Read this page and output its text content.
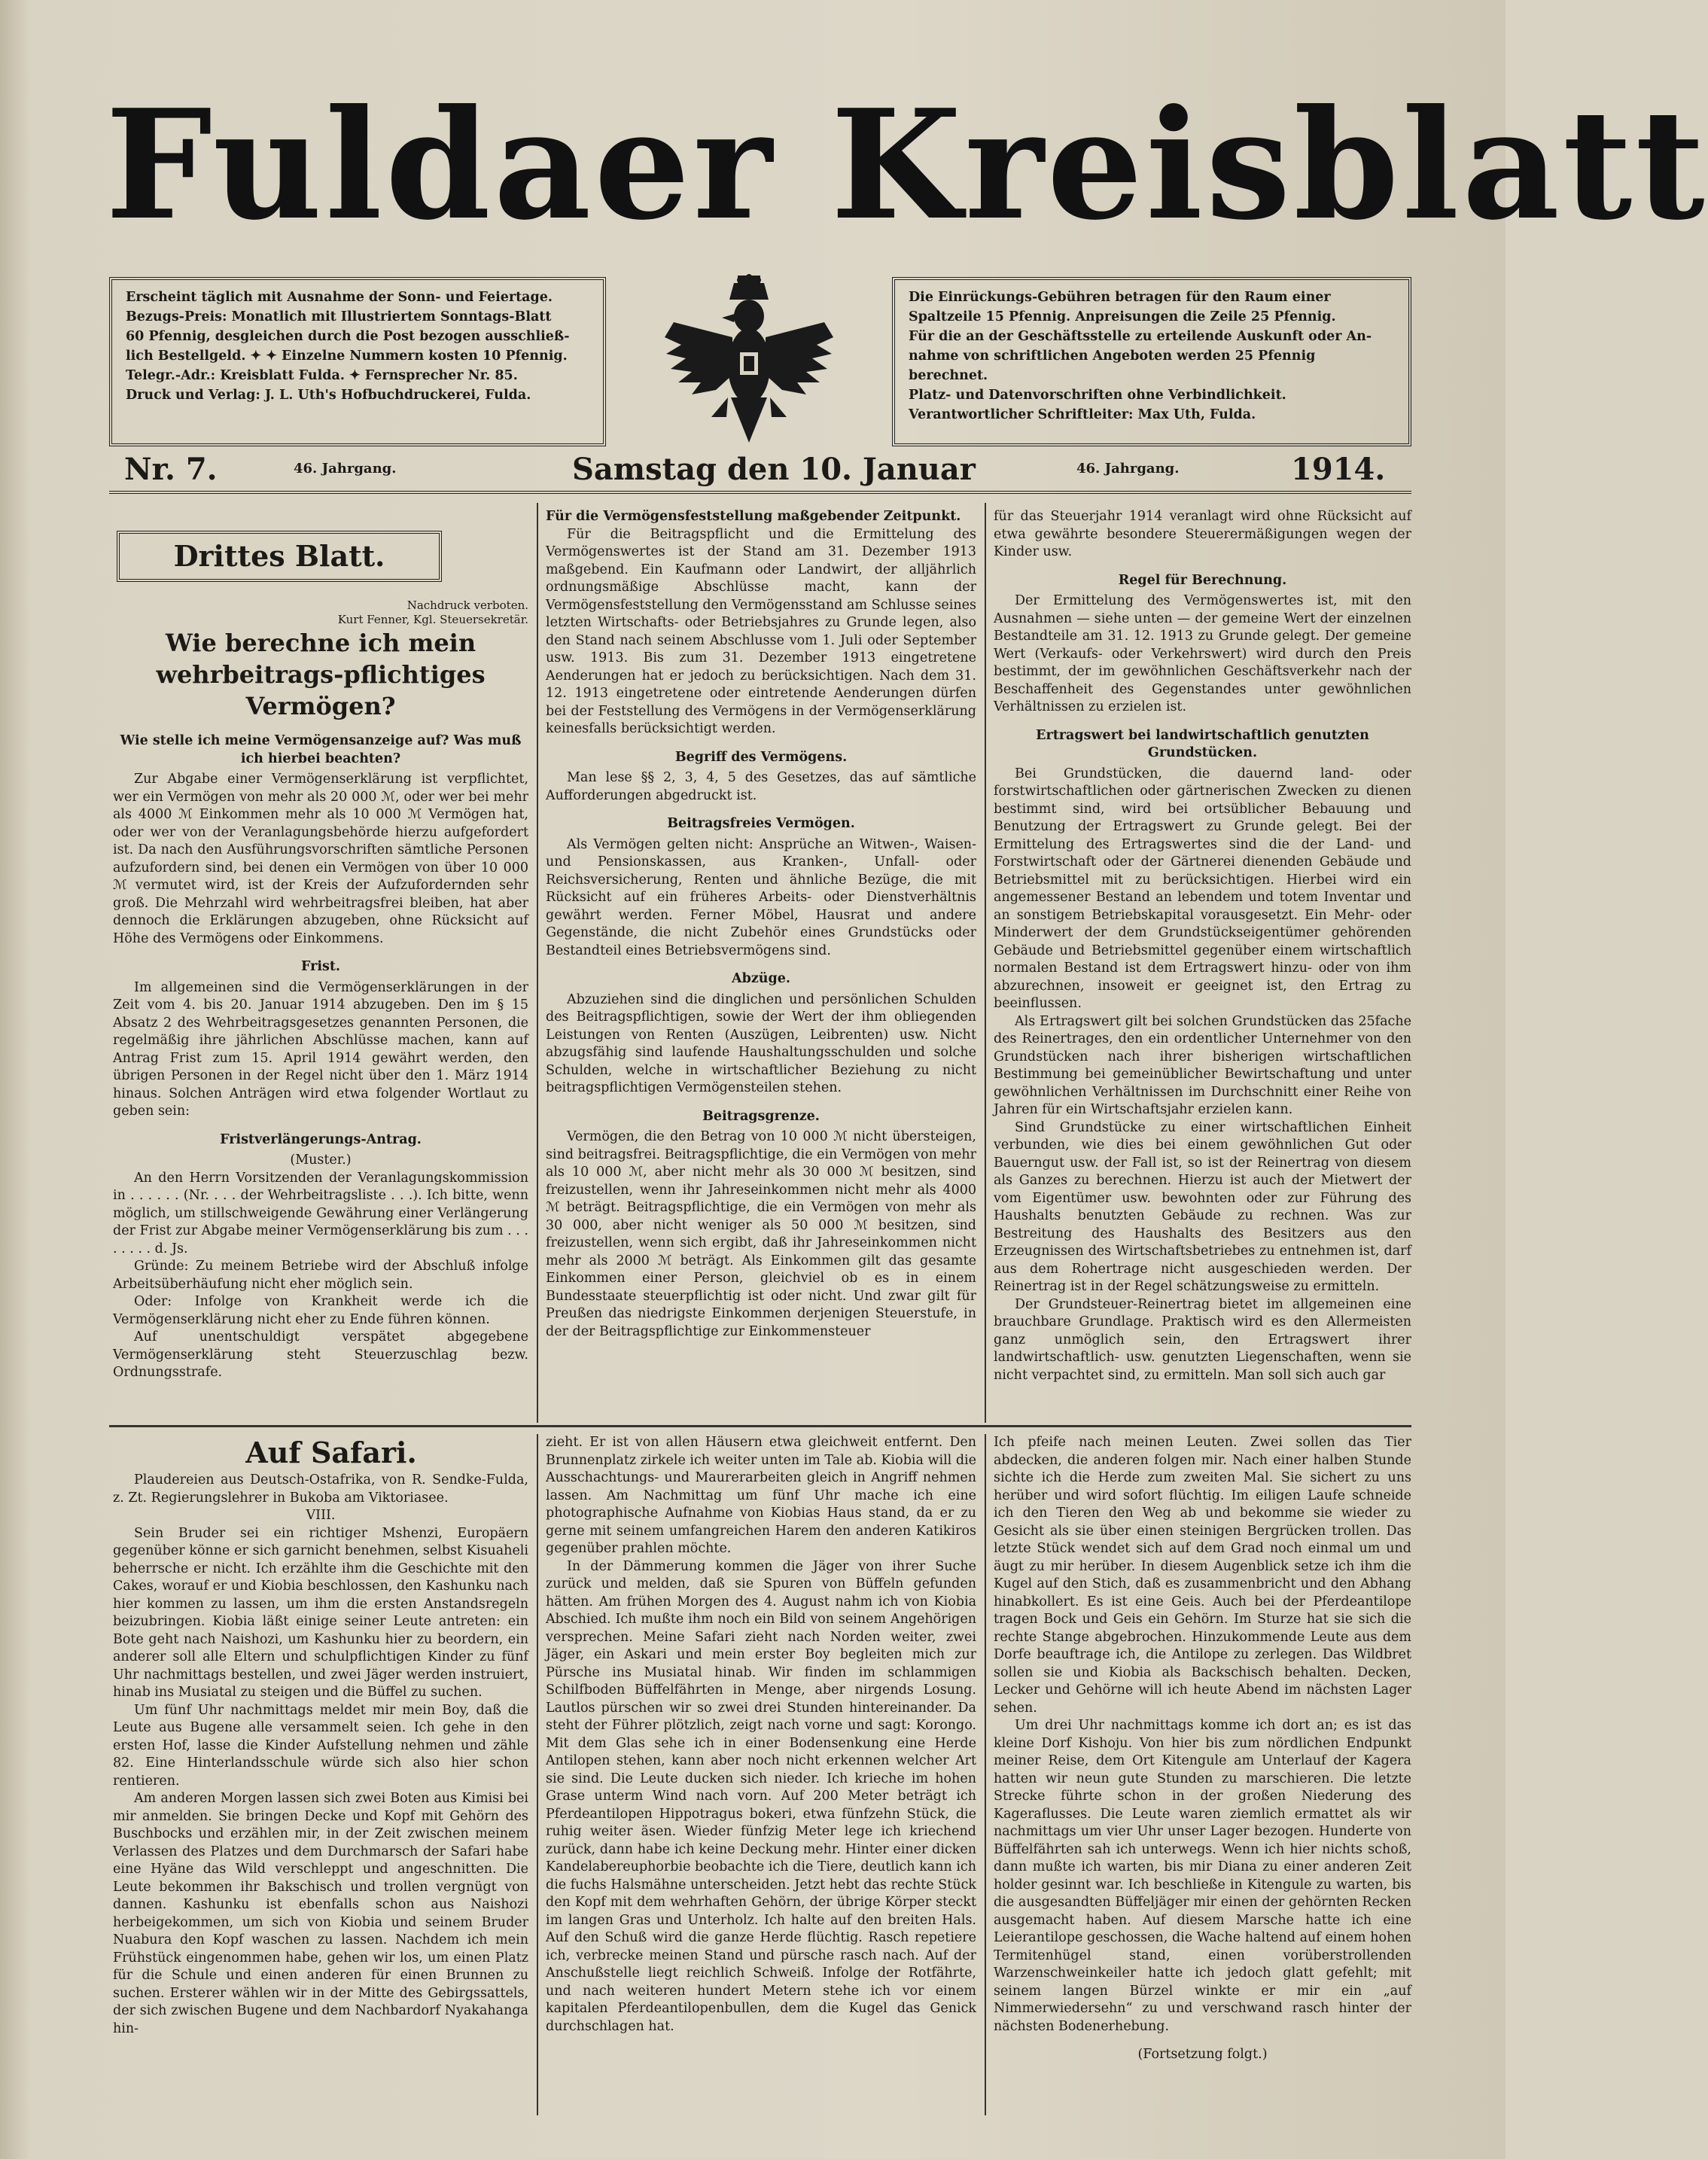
Fuldaer Kreisblatt

Erscheint täglich mit Ausnahme der Sonn- und Feiertage.

Bezugs-Preis: Monatlich mit Illustriertem Sonntags-Blatt

60 Pfennig, desgleichen durch die Post bezogen ausschließ-

lich Bestellgeld. ✦ ✦ Einzelne Nummern kosten 10 Pfennig.

Telegr.-Adr.: Kreisblatt Fulda. ✦ Fernsprecher Nr. 85.

Druck und Verlag: J. L. Uth's Hofbuchdruckerei, Fulda.

Die Einrückungs-Gebühren betragen für den Raum einer

Spaltzeile 15 Pfennig. Anpreisungen die Zeile 25 Pfennig.

Für die an der Geschäftsstelle zu erteilende Auskunft oder An-

nahme von schriftlichen Angeboten werden 25 Pfennig berechnet.

Platz- und Datenvorschriften ohne Verbindlichkeit.

Verantwortlicher Schriftleiter: Max Uth, Fulda.

Nr. 7.	46. Jahrgang.	Samstag den 10. Januar	46. Jahrgang.	1914.
Drittes Blatt.

Nachdruck verboten.

Kurt Fenner, Kgl. Steuersekretär.

Wie berechne ich mein wehrbeitrags-pflichtiges Vermögen?

Wie stelle ich meine Vermögensanzeige auf? Was muß ich hierbei beachten?

Zur Abgabe einer Vermögenserklärung ist verpflichtet, wer ein Vermögen von mehr als 20 000 ℳ, oder wer bei mehr als 4000 ℳ Einkommen mehr als 10 000 ℳ Vermögen hat, oder wer von der Veranlagungsbehörde hierzu aufgefordert ist. Da nach den Ausführungsvorschriften sämtliche Personen aufzufordern sind, bei denen ein Vermögen von über 10 000 ℳ vermutet wird, ist der Kreis der Aufzufordernden sehr groß. Die Mehrzahl wird wehrbeitragsfrei bleiben, hat aber dennoch die Erklärungen abzugeben, ohne Rücksicht auf Höhe des Vermögens oder Einkommens.

Frist.

Im allgemeinen sind die Vermögenserklärungen in der Zeit vom 4. bis 20. Januar 1914 abzugeben. Den im § 15 Absatz 2 des Wehrbeitragsgesetzes genannten Personen, die regelmäßig ihre jährlichen Abschlüsse machen, kann auf Antrag Frist zum 15. April 1914 gewährt werden, den übrigen Personen in der Regel nicht über den 1. März 1914 hinaus. Solchen Anträgen wird etwa folgender Wortlaut zu geben sein:

Fristverlängerungs-Antrag.

(Muster.)

An den Herrn Vorsitzenden der Veranlagungskommission in . . . . . . (Nr. . . . der Wehrbeitragsliste . . .). Ich bitte, wenn möglich, um stillschweigende Gewährung einer Verlängerung der Frist zur Abgabe meiner Vermögenserklärung bis zum . . . . . . . . d. Js.

Gründe: Zu meinem Betriebe wird der Abschluß infolge Arbeitsüberhäufung nicht eher möglich sein.

Oder: Infolge von Krankheit werde ich die Vermögenserklärung nicht eher zu Ende führen können.

Auf unentschuldigt verspätet abgegebene Vermögenserklärung steht Steuerzuschlag bezw. Ordnungsstrafe.

Für die Vermögensfeststellung maßgebender Zeitpunkt.

Für die Beitragspflicht und die Ermittelung des Vermögenswertes ist der Stand am 31. Dezember 1913 maßgebend. Ein Kaufmann oder Landwirt, der alljährlich ordnungsmäßige Abschlüsse macht, kann der Vermögensfeststellung den Vermögensstand am Schlusse seines letzten Wirtschafts- oder Betriebsjahres zu Grunde legen, also den Stand nach seinem Abschlusse vom 1. Juli oder September usw. 1913. Bis zum 31. Dezember 1913 eingetretene Aenderungen hat er jedoch zu berücksichtigen. Nach dem 31. 12. 1913 eingetretene oder eintretende Aenderungen dürfen bei der Feststellung des Vermögens in der Vermögenserklärung keinesfalls berücksichtigt werden.

Begriff des Vermögens.

Man lese §§ 2, 3, 4, 5 des Gesetzes, das auf sämtliche Aufforderungen abgedruckt ist.

Beitragsfreies Vermögen.

Als Vermögen gelten nicht: Ansprüche an Witwen-, Waisen- und Pensionskassen, aus Kranken-, Unfall- oder Reichsversicherung, Renten und ähnliche Bezüge, die mit Rücksicht auf ein früheres Arbeits- oder Dienstverhältnis gewährt werden. Ferner Möbel, Hausrat und andere Gegenstände, die nicht Zubehör eines Grundstücks oder Bestandteil eines Betriebsvermögens sind.

Abzüge.

Abzuziehen sind die dinglichen und persönlichen Schulden des Beitragspflichtigen, sowie der Wert der ihm obliegenden Leistungen von Renten (Auszügen, Leibrenten) usw. Nicht abzugsfähig sind laufende Haushaltungsschulden und solche Schulden, welche in wirtschaftlicher Beziehung zu nicht beitragspflichtigen Vermögensteilen stehen.

Beitragsgrenze.

Vermögen, die den Betrag von 10 000 ℳ nicht übersteigen, sind beitragsfrei. Beitragspflichtige, die ein Vermögen von mehr als 10 000 ℳ, aber nicht mehr als 30 000 ℳ besitzen, sind freizustellen, wenn ihr Jahreseinkommen nicht mehr als 4000 ℳ beträgt. Beitragspflichtige, die ein Vermögen von mehr als 30 000, aber nicht weniger als 50 000 ℳ besitzen, sind freizustellen, wenn sich ergibt, daß ihr Jahreseinkommen nicht mehr als 2000 ℳ beträgt. Als Einkommen gilt das gesamte Einkommen einer Person, gleichviel ob es in einem Bundesstaate steuerpflichtig ist oder nicht. Und zwar gilt für Preußen das niedrigste Einkommen derjenigen Steuerstufe, in der der Beitragspflichtige zur Einkommensteuer

für das Steuerjahr 1914 veranlagt wird ohne Rücksicht auf etwa gewährte besondere Steuerermäßigungen wegen der Kinder usw.

Regel für Berechnung.

Der Ermittelung des Vermögenswertes ist, mit den Ausnahmen — siehe unten — der gemeine Wert der einzelnen Bestandteile am 31. 12. 1913 zu Grunde gelegt. Der gemeine Wert (Verkaufs- oder Verkehrswert) wird durch den Preis bestimmt, der im gewöhnlichen Geschäftsverkehr nach der Beschaffenheit des Gegenstandes unter gewöhnlichen Verhältnissen zu erzielen ist.

Ertragswert bei landwirtschaftlich genutzten Grundstücken.

Bei Grundstücken, die dauernd land- oder forstwirtschaftlichen oder gärtnerischen Zwecken zu dienen bestimmt sind, wird bei ortsüblicher Bebauung und Benutzung der Ertragswert zu Grunde gelegt. Bei der Ermittelung des Ertragswertes sind die der Land- und Forstwirtschaft oder der Gärtnerei dienenden Gebäude und Betriebsmittel mit zu berücksichtigen. Hierbei wird ein angemessener Bestand an lebendem und totem Inventar und an sonstigem Betriebskapital vorausgesetzt. Ein Mehr- oder Minderwert der dem Grundstückseigentümer gehörenden Gebäude und Betriebsmittel gegenüber einem wirtschaftlich normalen Bestand ist dem Ertragswert hinzu- oder von ihm abzurechnen, insoweit er geeignet ist, den Ertrag zu beeinflussen.

Als Ertragswert gilt bei solchen Grundstücken das 25fache des Reinertrages, den ein ordentlicher Unternehmer von den Grundstücken nach ihrer bisherigen wirtschaftlichen Bestimmung bei gemeinüblicher Bewirtschaftung und unter gewöhnlichen Verhältnissen im Durchschnitt einer Reihe von Jahren für ein Wirtschaftsjahr erzielen kann.

Sind Grundstücke zu einer wirtschaftlichen Einheit verbunden, wie dies bei einem gewöhnlichen Gut oder Bauerngut usw. der Fall ist, so ist der Reinertrag von diesem als Ganzes zu berechnen. Hierzu ist auch der Mietwert der vom Eigentümer usw. bewohnten oder zur Führung des Haushalts benutzten Gebäude zu rechnen. Was zur Bestreitung des Haushalts des Besitzers aus den Erzeugnissen des Wirtschaftsbetriebes zu entnehmen ist, darf aus dem Rohertrage nicht ausgeschieden werden. Der Reinertrag ist in der Regel schätzungsweise zu ermitteln.

Der Grundsteuer-Reinertrag bietet im allgemeinen eine brauchbare Grundlage. Praktisch wird es den Allermeisten ganz unmöglich sein, den Ertragswert ihrer landwirtschaftlich- usw. genutzten Liegenschaften, wenn sie nicht verpachtet sind, zu ermitteln. Man soll sich auch gar

Auf Safari.

Plaudereien aus Deutsch-Ostafrika, von R. Sendke-Fulda, z. Zt. Regierungslehrer in Bukoba am Viktoriasee.

VIII.

Sein Bruder sei ein richtiger Mshenzi, Europäern gegenüber könne er sich garnicht benehmen, selbst Kisuaheli beherrsche er nicht. Ich erzählte ihm die Geschichte mit den Cakes, worauf er und Kiobia beschlossen, den Kashunku nach hier kommen zu lassen, um ihm die ersten Anstandsregeln beizubringen. Kiobia läßt einige seiner Leute antreten: ein Bote geht nach Naishozi, um Kashunku hier zu beordern, ein anderer soll alle Eltern und schulpflichtigen Kinder zu fünf Uhr nachmittags bestellen, und zwei Jäger werden instruiert, hinab ins Musiatal zu steigen und die Büffel zu suchen.

Um fünf Uhr nachmittags meldet mir mein Boy, daß die Leute aus Bugene alle versammelt seien. Ich gehe in den ersten Hof, lasse die Kinder Aufstellung nehmen und zähle 82. Eine Hinterlandsschule würde sich also hier schon rentieren.

Am anderen Morgen lassen sich zwei Boten aus Kimisi bei mir anmelden. Sie bringen Decke und Kopf mit Gehörn des Buschbocks und erzählen mir, in der Zeit zwischen meinem Verlassen des Platzes und dem Durchmarsch der Safari habe eine Hyäne das Wild verschleppt und angeschnitten. Die Leute bekommen ihr Bakschisch und trollen vergnügt von dannen. Kashunku ist ebenfalls schon aus Naishozi herbeigekommen, um sich von Kiobia und seinem Bruder Nuabura den Kopf waschen zu lassen. Nachdem ich mein Frühstück eingenommen habe, gehen wir los, um einen Platz für die Schule und einen anderen für einen Brunnen zu suchen. Ersterer wählen wir in der Mitte des Gebirgssattels, der sich zwischen Bugene und dem Nachbardorf Nyakahanga hin-

zieht. Er ist von allen Häusern etwa gleichweit entfernt. Den Brunnenplatz zirkele ich weiter unten im Tale ab. Kiobia will die Ausschachtungs- und Maurerarbeiten gleich in Angriff nehmen lassen. Am Nachmittag um fünf Uhr mache ich eine photographische Aufnahme von Kiobias Haus stand, da er zu gerne mit seinem umfangreichen Harem den anderen Katikiros gegenüber prahlen möchte.

In der Dämmerung kommen die Jäger von ihrer Suche zurück und melden, daß sie Spuren von Büffeln gefunden hätten. Am frühen Morgen des 4. August nahm ich von Kiobia Abschied. Ich mußte ihm noch ein Bild von seinem Angehörigen versprechen. Meine Safari zieht nach Norden weiter, zwei Jäger, ein Askari und mein erster Boy begleiten mich zur Pürsche ins Musiatal hinab. Wir finden im schlammigen Schilfboden Büffelfährten in Menge, aber nirgends Losung. Lautlos pürschen wir so zwei drei Stunden hintereinander. Da steht der Führer plötzlich, zeigt nach vorne und sagt: Korongo. Mit dem Glas sehe ich in einer Bodensenkung eine Herde Antilopen stehen, kann aber noch nicht erkennen welcher Art sie sind. Die Leute ducken sich nieder. Ich krieche im hohen Grase unterm Wind nach vorn. Auf 200 Meter beträgt ich Pferdeantilopen Hippotragus bokeri, etwa fünfzehn Stück, die ruhig weiter äsen. Wieder fünfzig Meter lege ich kriechend zurück, dann habe ich keine Deckung mehr. Hinter einer dicken Kandelabereuphorbie beobachte ich die Tiere, deutlich kann ich die fuchs Halsmähne unterscheiden. Jetzt hebt das rechte Stück den Kopf mit dem wehrhaften Gehörn, der übrige Körper steckt im langen Gras und Unterholz. Ich halte auf den breiten Hals. Auf den Schuß wird die ganze Herde flüchtig. Rasch repetiere ich, verbrecke meinen Stand und pürsche rasch nach. Auf der Anschußstelle liegt reichlich Schweiß. Infolge der Rotfährte, und nach weiteren hundert Metern stehe ich vor einem kapitalen Pferdeantilopenbullen, dem die Kugel das Genick durchschlagen hat.

Ich pfeife nach meinen Leuten. Zwei sollen das Tier abdecken, die anderen folgen mir. Nach einer halben Stunde sichte ich die Herde zum zweiten Mal. Sie sichert zu uns herüber und wird sofort flüchtig. Im eiligen Laufe schneide ich den Tieren den Weg ab und bekomme sie wieder zu Gesicht als sie über einen steinigen Bergrücken trollen. Das letzte Stück wendet sich auf dem Grad noch einmal um und äugt zu mir herüber. In diesem Augenblick setze ich ihm die Kugel auf den Stich, daß es zusammenbricht und den Abhang hinabkollert. Es ist eine Geis. Auch bei der Pferdeantilope tragen Bock und Geis ein Gehörn. Im Sturze hat sie sich die rechte Stange abgebrochen. Hinzukommende Leute aus dem Dorfe beauftrage ich, die Antilope zu zerlegen. Das Wildbret sollen sie und Kiobia als Backschisch behalten. Decken, Lecker und Gehörne will ich heute Abend im nächsten Lager sehen.

Um drei Uhr nachmittags komme ich dort an; es ist das kleine Dorf Kishoju. Von hier bis zum nördlichen Endpunkt meiner Reise, dem Ort Kitengule am Unterlauf der Kagera hatten wir neun gute Stunden zu marschieren. Die letzte Strecke führte schon in der großen Niederung des Kageraflusses. Die Leute waren ziemlich ermattet als wir nachmittags um vier Uhr unser Lager bezogen. Hunderte von Büffelfährten sah ich unterwegs. Wenn ich hier nichts schoß, dann mußte ich warten, bis mir Diana zu einer anderen Zeit holder gesinnt war. Ich beschließe in Kitengule zu warten, bis die ausgesandten Büffeljäger mir einen der gehörnten Recken ausgemacht haben. Auf diesem Marsche hatte ich eine Leierantilope geschossen, die Wache haltend auf einem hohen Termitenhügel stand, einen vorüberstrollenden Warzenschweinkeiler hatte ich jedoch glatt gefehlt; mit seinem langen Bürzel winkte er mir ein „auf Nimmerwiedersehn“ zu und verschwand rasch hinter der nächsten Bodenerhebung.

(Fortsetzung folgt.)
